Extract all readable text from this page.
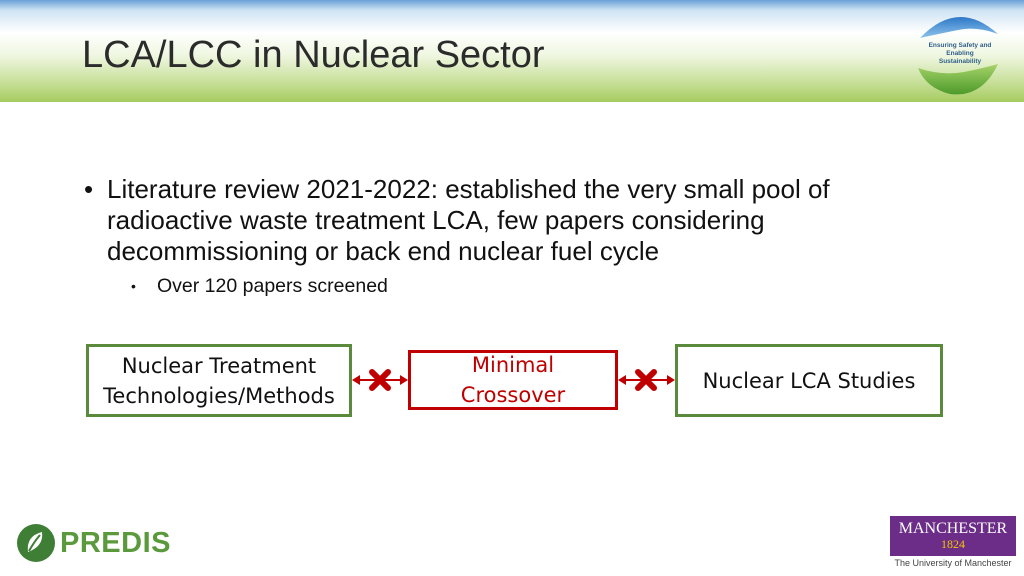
LCA/LCC in Nuclear Sector	Ensuring Safety and
Enabling Sustainability
• Literature review 2021-2022: established the very small pool of radioactive waste treatment LCA, few papers considering decommissioning or back end nuclear fuel cycle
• Over 120 papers screened
Nuclear Treatment
Technologies/Methods
Minimal
Crossover
Nuclear LCA Studies
PREDIS	MANCHESTER
1824
The University of Manchester
